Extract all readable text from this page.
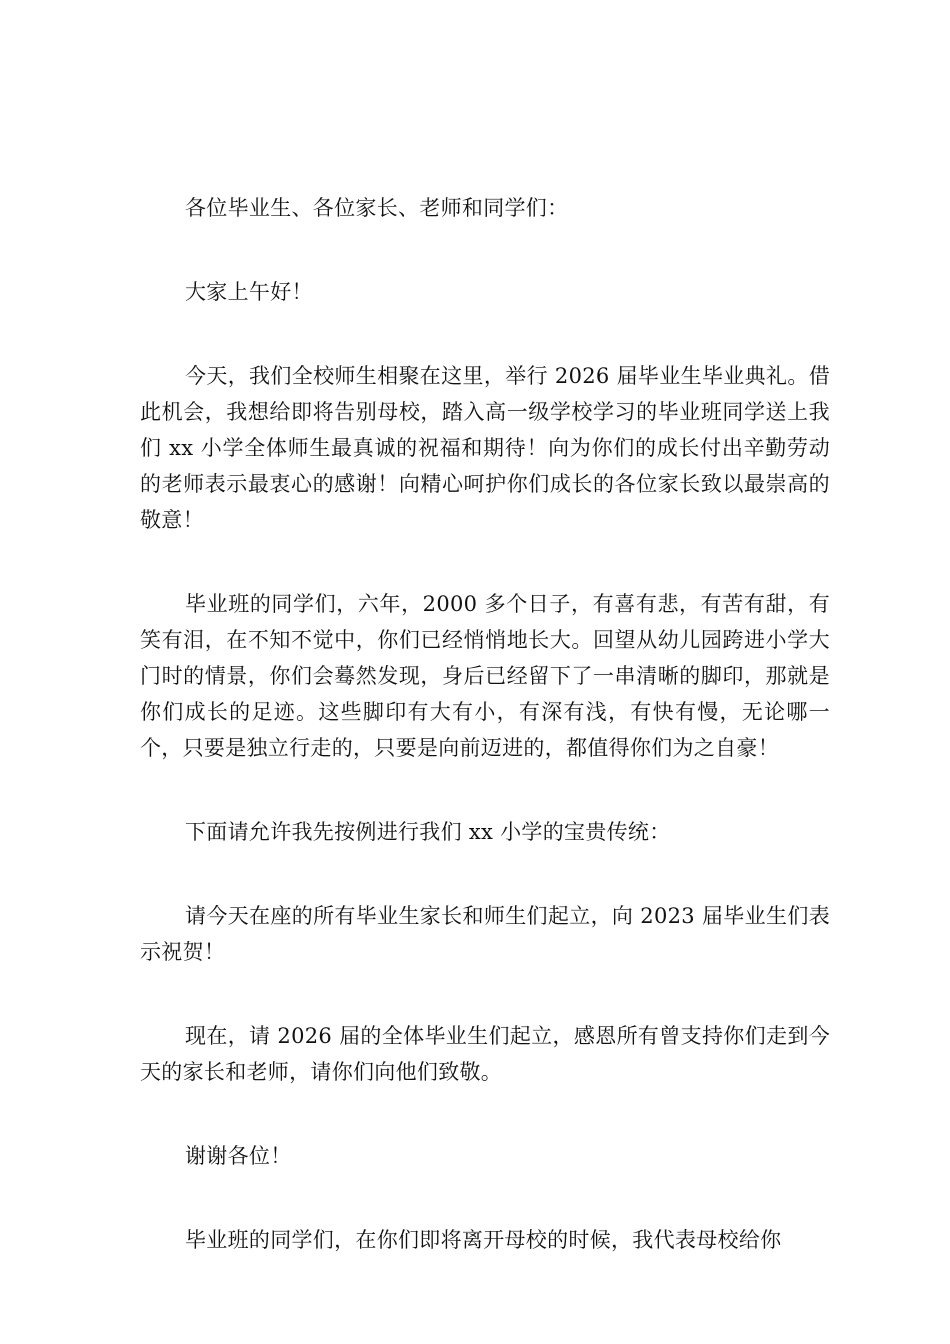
各位毕业生、各位家长、老师和同学们：

大家上午好！

今天，我们全校师生相聚在这里，举行 2026 届毕业生毕业典礼。借此机会，我想给即将告别母校，踏入高一级学校学习的毕业班同学送上我们 xx 小学全体师生最真诚的祝福和期待！向为你们的成长付出辛勤劳动的老师表示最衷心的感谢！向精心呵护你们成长的各位家长致以最崇高的敬意！

毕业班的同学们，六年，2000 多个日子，有喜有悲，有苦有甜，有笑有泪，在不知不觉中，你们已经悄悄地长大。回望从幼儿园跨进小学大门时的情景，你们会蓦然发现，身后已经留下了一串清晰的脚印，那就是你们成长的足迹。这些脚印有大有小，有深有浅，有快有慢，无论哪一个，只要是独立行走的，只要是向前迈进的，都值得你们为之自豪！

下面请允许我先按例进行我们 xx 小学的宝贵传统：

请今天在座的所有毕业生家长和师生们起立，向 2023 届毕业生们表示祝贺！

现在，请 2026 届的全体毕业生们起立，感恩所有曾支持你们走到今天的家长和老师，请你们向他们致敬。

谢谢各位！

毕业班的同学们，在你们即将离开母校的时候，我代表母校给你
